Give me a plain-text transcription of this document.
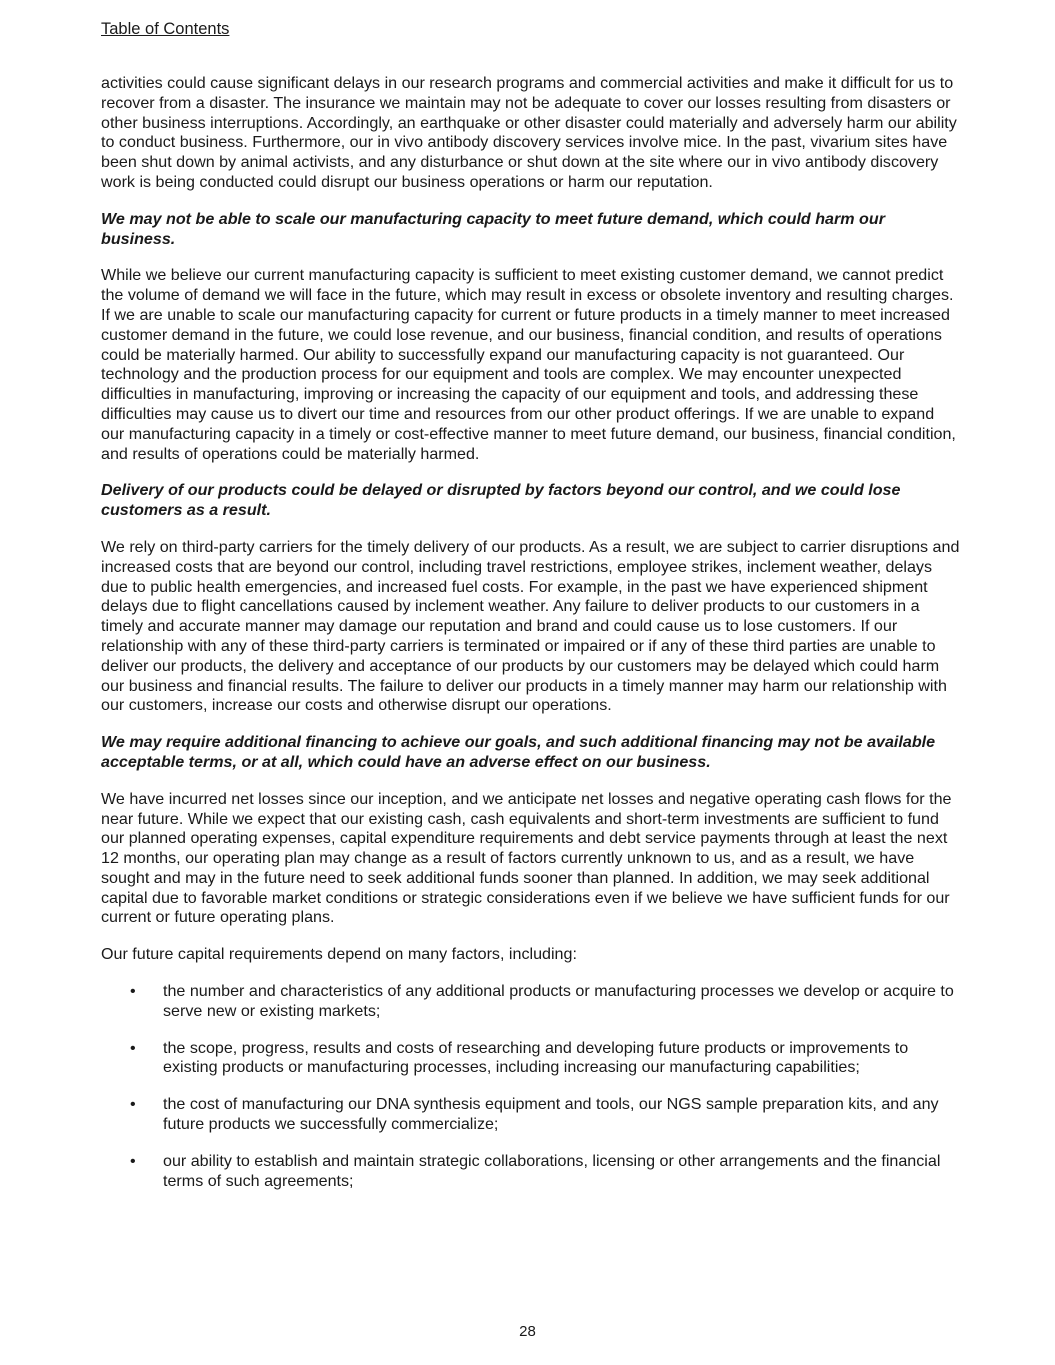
Table of Contents

activities could cause significant delays in our research programs and commercial activities and make it difficult for us to recover from a disaster. The insurance we maintain may not be adequate to cover our losses resulting from disasters or other business interruptions. Accordingly, an earthquake or other disaster could materially and adversely harm our ability to conduct business. Furthermore, our in vivo antibody discovery services involve mice. In the past, vivarium sites have been shut down by animal activists, and any disturbance or shut down at the site where our in vivo antibody discovery work is being conducted could disrupt our business operations or harm our reputation.

We may not be able to scale our manufacturing capacity to meet future demand, which could harm our business.

While we believe our current manufacturing capacity is sufficient to meet existing customer demand, we cannot predict the volume of demand we will face in the future, which may result in excess or obsolete inventory and resulting charges. If we are unable to scale our manufacturing capacity for current or future products in a timely manner to meet increased customer demand in the future, we could lose revenue, and our business, financial condition, and results of operations could be materially harmed. Our ability to successfully expand our manufacturing capacity is not guaranteed. Our technology and the production process for our equipment and tools are complex. We may encounter unexpected difficulties in manufacturing, improving or increasing the capacity of our equipment and tools, and addressing these difficulties may cause us to divert our time and resources from our other product offerings. If we are unable to expand our manufacturing capacity in a timely or cost-effective manner to meet future demand, our business, financial condition, and results of operations could be materially harmed.

Delivery of our products could be delayed or disrupted by factors beyond our control, and we could lose customers as a result.

We rely on third-party carriers for the timely delivery of our products. As a result, we are subject to carrier disruptions and increased costs that are beyond our control, including travel restrictions, employee strikes, inclement weather, delays due to public health emergencies, and increased fuel costs. For example, in the past we have experienced shipment delays due to flight cancellations caused by inclement weather. Any failure to deliver products to our customers in a timely and accurate manner may damage our reputation and brand and could cause us to lose customers. If our relationship with any of these third-party carriers is terminated or impaired or if any of these third parties are unable to deliver our products, the delivery and acceptance of our products by our customers may be delayed which could harm our business and financial results. The failure to deliver our products in a timely manner may harm our relationship with our customers, increase our costs and otherwise disrupt our operations.

We may require additional financing to achieve our goals, and such additional financing may not be available acceptable terms, or at all, which could have an adverse effect on our business.

We have incurred net losses since our inception, and we anticipate net losses and negative operating cash flows for the near future. While we expect that our existing cash, cash equivalents and short-term investments are sufficient to fund our planned operating expenses, capital expenditure requirements and debt service payments through at least the next 12 months, our operating plan may change as a result of factors currently unknown to us, and as a result, we have sought and may in the future need to seek additional funds sooner than planned. In addition, we may seek additional capital due to favorable market conditions or strategic considerations even if we believe we have sufficient funds for our current or future operating plans.

Our future capital requirements depend on many factors, including:

• the number and characteristics of any additional products or manufacturing processes we develop or acquire to serve new or existing markets;
• the scope, progress, results and costs of researching and developing future products or improvements to existing products or manufacturing processes, including increasing our manufacturing capabilities;
• the cost of manufacturing our DNA synthesis equipment and tools, our NGS sample preparation kits, and any future products we successfully commercialize;
• our ability to establish and maintain strategic collaborations, licensing or other arrangements and the financial terms of such agreements;
28
